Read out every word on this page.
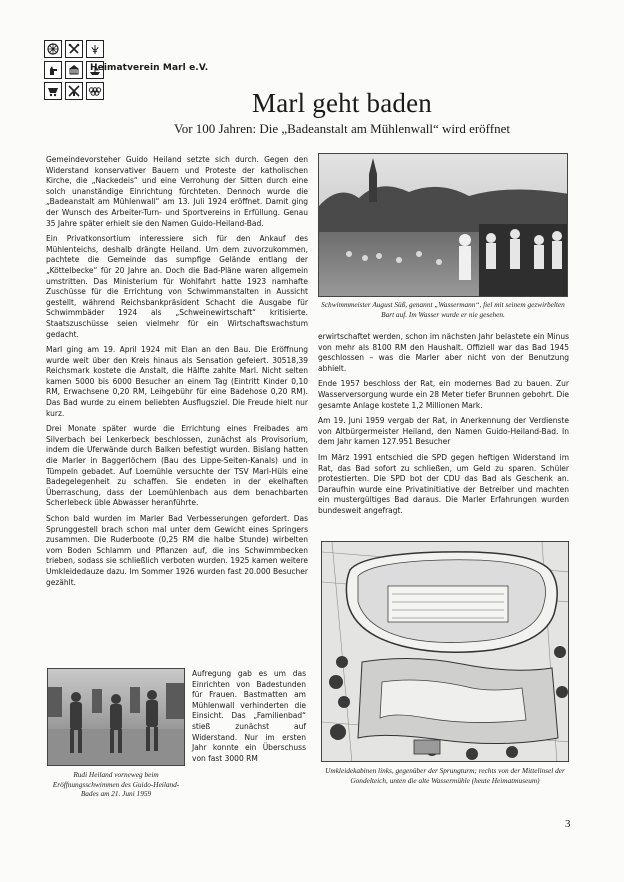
Heimatverein Marl e.V.
Marl geht baden
Vor 100 Jahren: Die „Badeanstalt am Mühlenwall“ wird eröffnet

Gemeindevorsteher Guido Heiland setzte sich durch. Gegen den Widerstand konservativer Bauern und Proteste der katholischen Kirche, die „Nackedeis“ und eine Verrohung der Sitten durch eine solch unanständige Einrichtung fürchteten. Dennoch wurde die „Badeanstalt am Mühlenwall“ am 13. Juli 1924 eröffnet. Damit ging der Wunsch des Arbeiter-Turn- und Sportvereins in Erfüllung. Genau 35 Jahre später erhielt sie den Namen Guido-Heiland-Bad.

Ein Privatkonsortium interessiere sich für den Ankauf des Mühlenteichs, deshalb drängte Heiland. Um dem zuvorzukommen, pachtete die Gemeinde das sumpfige Gelände entlang der „Köttelbecke“ für 20 Jahre an. Doch die Bad-Pläne waren allgemein umstritten. Das Ministerium für Wohlfahrt hatte 1923 namhafte Zuschüsse für die Errichtung von Schwimmanstalten in Aussicht gestellt, während Reichsbankpräsident Schacht die Ausgabe für Schwimmbäder 1924 als „Schweinewirtschaft“ kritisierte. Staatszuschüsse seien vielmehr für ein Wirtschaftswachstum gedacht.

Marl ging am 19. April 1924 mit Elan an den Bau. Die Eröffnung wurde weit über den Kreis hinaus als Sensation gefeiert. 30518,39 Reichsmark kostete die Anstalt, die Hälfte zahlte Marl. Nicht selten kamen 5000 bis 6000 Besucher an einem Tag (Eintritt Kinder 0,10 RM, Erwachsene 0,20 RM, Leihgebühr für eine Badehose 0,20 RM). Das Bad wurde zu einem beliebten Ausflugsziel. Die Freude hielt nur kurz.

Drei Monate später wurde die Errichtung eines Freibades am Silverbach bei Lenkerbeck beschlossen, zunächst als Provisorium, indem die Uferwände durch Balken befestigt wurden. Bislang hatten die Marler in Baggerlöchern (Bau des Lippe-Seiten-Kanals) und in Tümpeln gebadet. Auf Loemühle versuchte der TSV Marl-Hüls eine Badegelegenheit zu schaffen. Sie endeten in der ekelhaften Überraschung, dass der Loemühlenbach aus dem benachbarten Scherlebeck üble Abwasser heranführte.

Schon bald wurden im Marler Bad Verbesserungen gefordert. Das Sprunggestell brach schon mal unter dem Gewicht eines Springers zusammen. Die Ruderboote (0,25 RM die halbe Stunde) wirbelten vom Boden Schlamm und Pflanzen auf, die ins Schwimmbecken trieben, sodass sie schließlich verboten wurden. 1925 kamen weitere Umkleidedauze dazu. Im Sommer 1926 wurden fast 20.000 Besucher gezählt.

Rudi Heiland vorneweg beim Eröffnungsschwimmen des Guido-Heiland-Bades am 21. Juni 1959

Aufregung gab es um das Einrichten von Badestunden für Frauen. Bastmatten am Mühlenwall verhinderten die Einsicht. Das „Familienbad“ stieß zunächst auf Widerstand. Nur im ersten Jahr konnte ein Überschuss von fast 3000 RM

Schwimmmeister August Süß, genannt „Wassermann“, fiel mit seinem gezwirbelten Bart auf. Im Wasser wurde er nie gesehen.

erwirtschaftet werden, schon im nächsten Jahr belastete ein Minus von mehr als 8100 RM den Haushalt. Offiziell war das Bad 1945 geschlossen – was die Marler aber nicht von der Benutzung abhielt.

Ende 1957 beschloss der Rat, ein modernes Bad zu bauen. Zur Wasserversorgung wurde ein 28 Meter tiefer Brunnen gebohrt. Die gesamte Anlage kostete 1,2 Millionen Mark.

Am 19. Juni 1959 vergab der Rat, in Anerkennung der Verdienste von Altbürgermeister Heiland, den Namen Guido-Heiland-Bad. In dem Jahr kamen 127.951 Besucher

Im März 1991 entschied die SPD gegen heftigen Widerstand im Rat, das Bad sofort zu schließen, um Geld zu sparen. Schüler protestierten. Die SPD bot der CDU das Bad als Geschenk an. Daraufhin wurde eine Privatinitiative der Betreiber und machten ein mustergültiges Bad daraus. Die Marler Erfahrungen wurden bundesweit angefragt.

Umkleidekabinen links, gegenüber der Sprungturm; rechts von der Mittelinsel der Gondelteich, unten die alte Wassermühle (heute Heimatmuseum)
3
